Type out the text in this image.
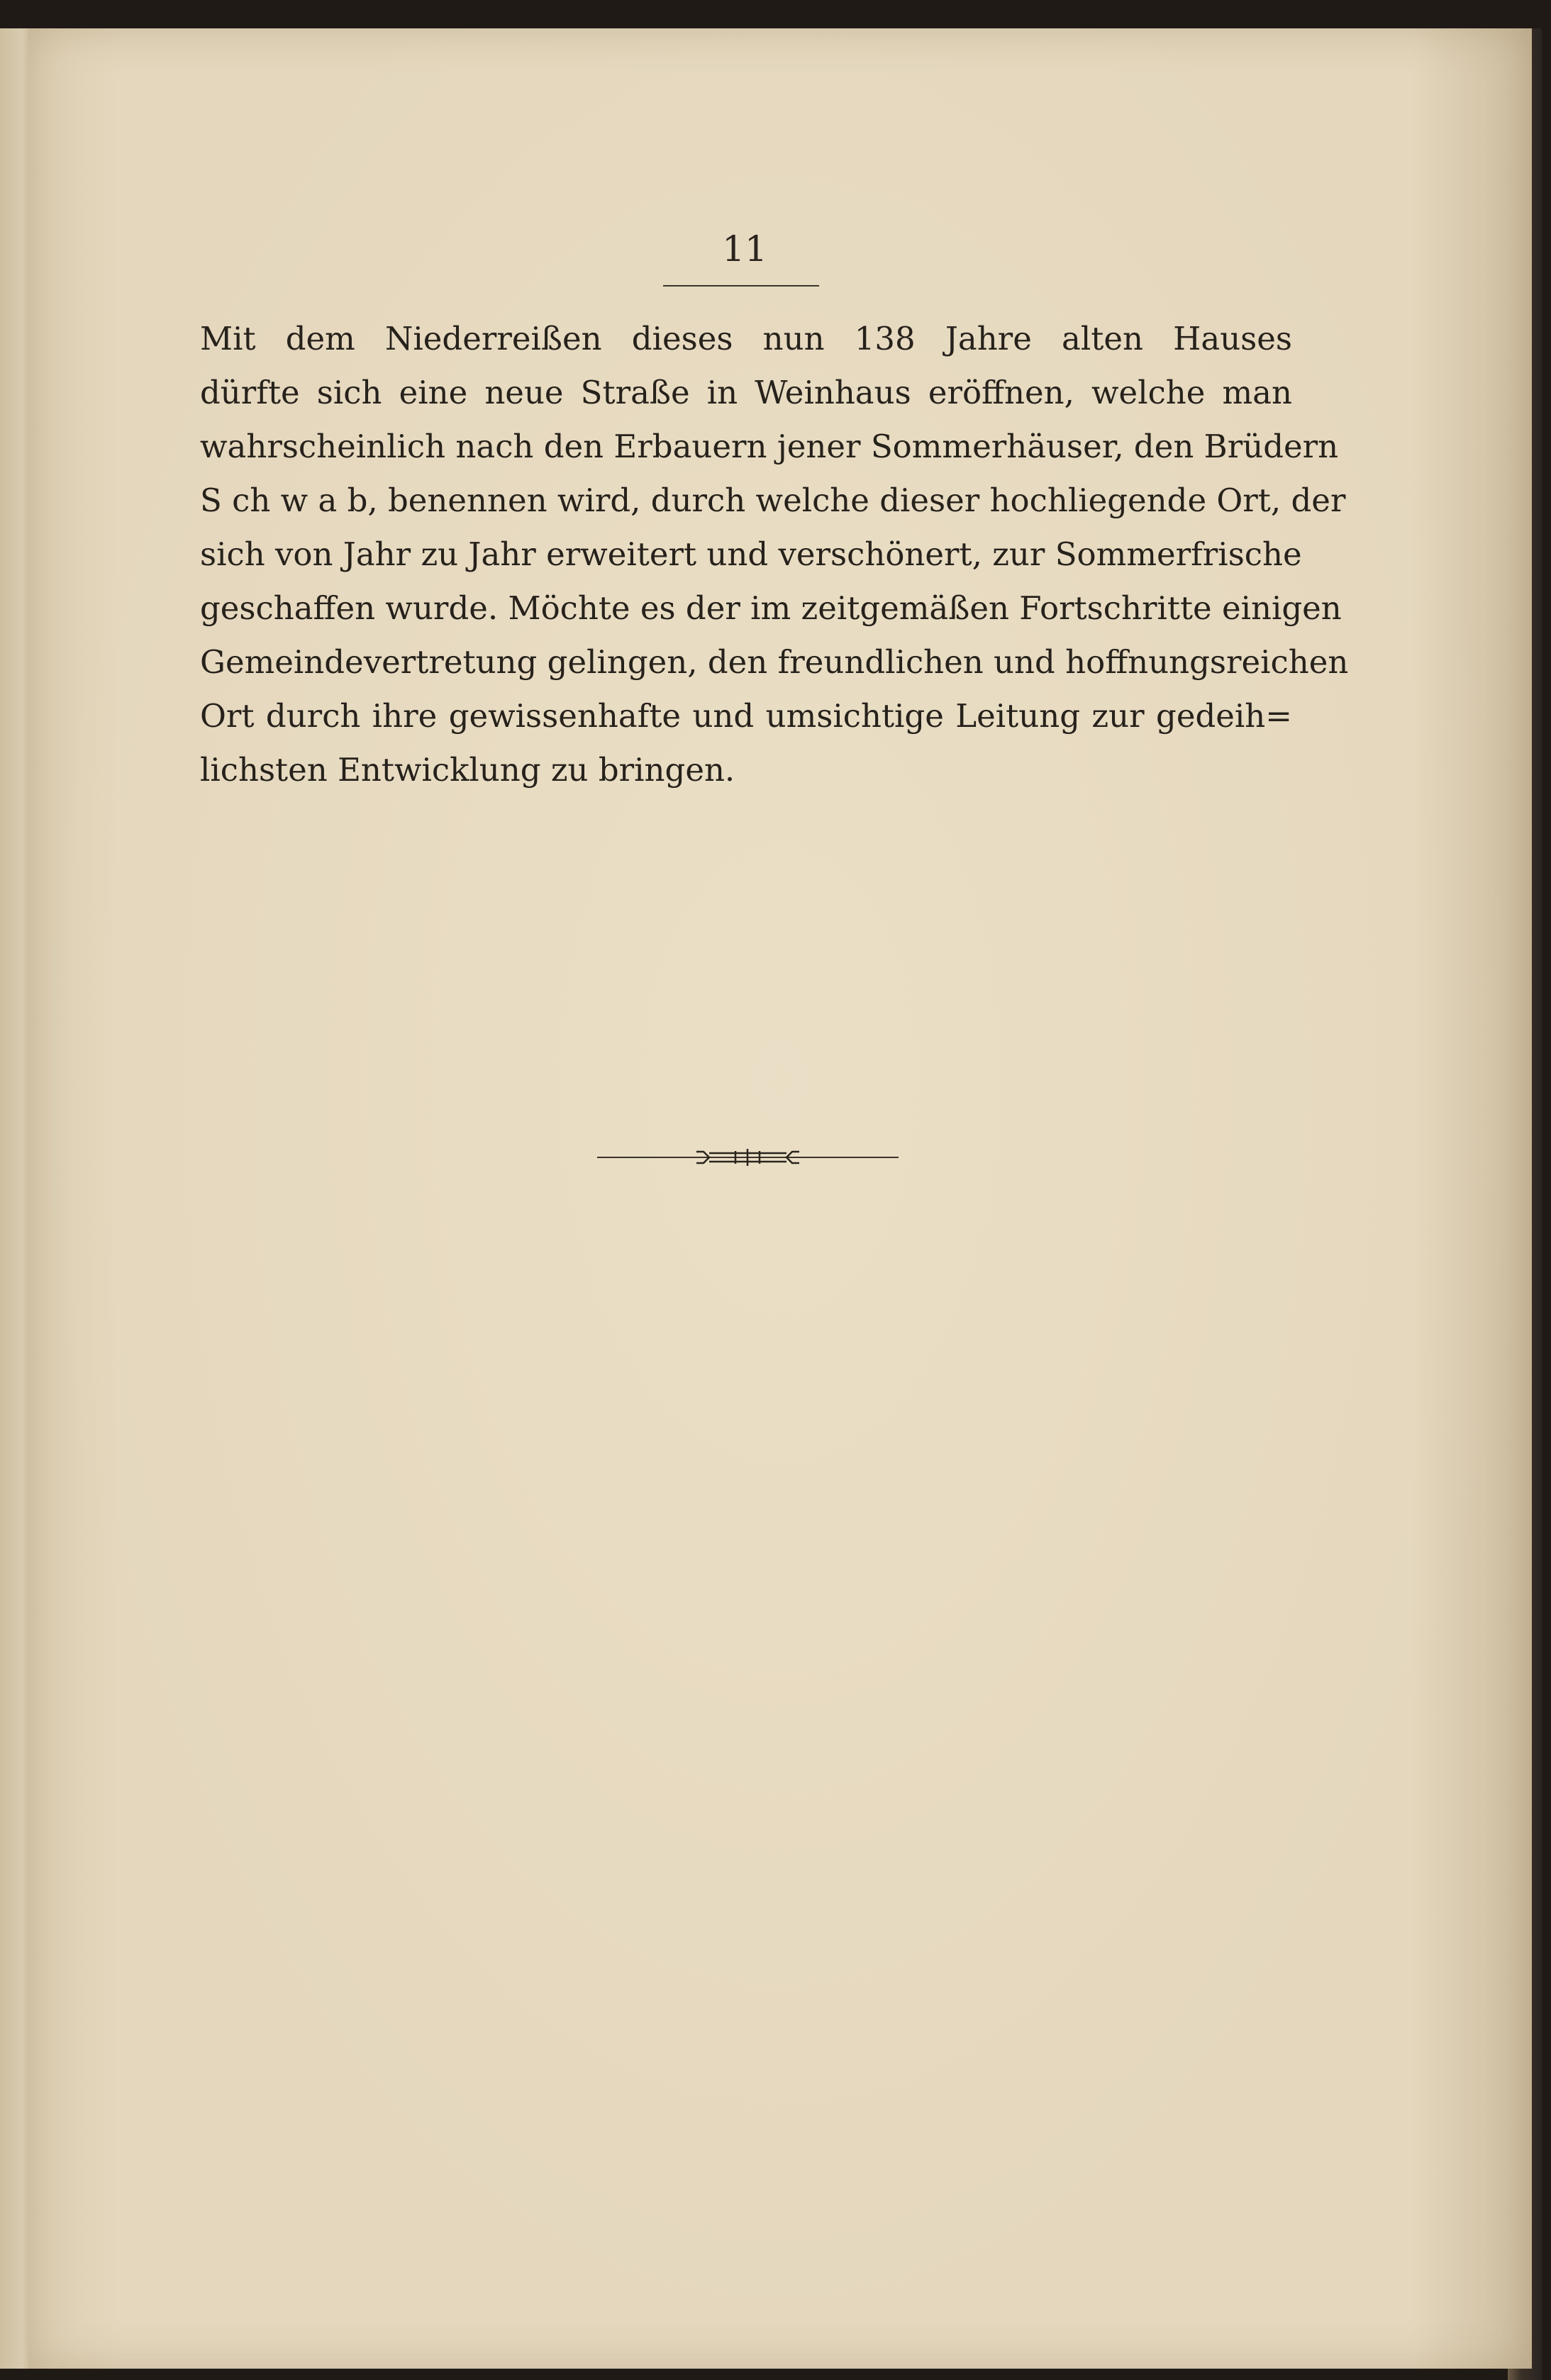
11
Mit dem Niederreißen dieses nun 138 Jahre alten Hauses
dürfte sich eine neue Straße in Weinhaus eröffnen, welche man
wahrscheinlich nach den Erbauern jener Sommerhäuser, den Brüdern
S ch w a b, benennen wird, durch welche dieser hochliegende Ort, der
sich von Jahr zu Jahr erweitert und verschönert, zur Sommerfrische
geschaffen wurde. Möchte es der im zeitgemäßen Fortschritte einigen
Gemeindevertretung gelingen, den freundlichen und hoffnungsreichen
Ort durch ihre gewissenhafte und umsichtige Leitung zur gedeih=
lichsten Entwicklung zu bringen.
